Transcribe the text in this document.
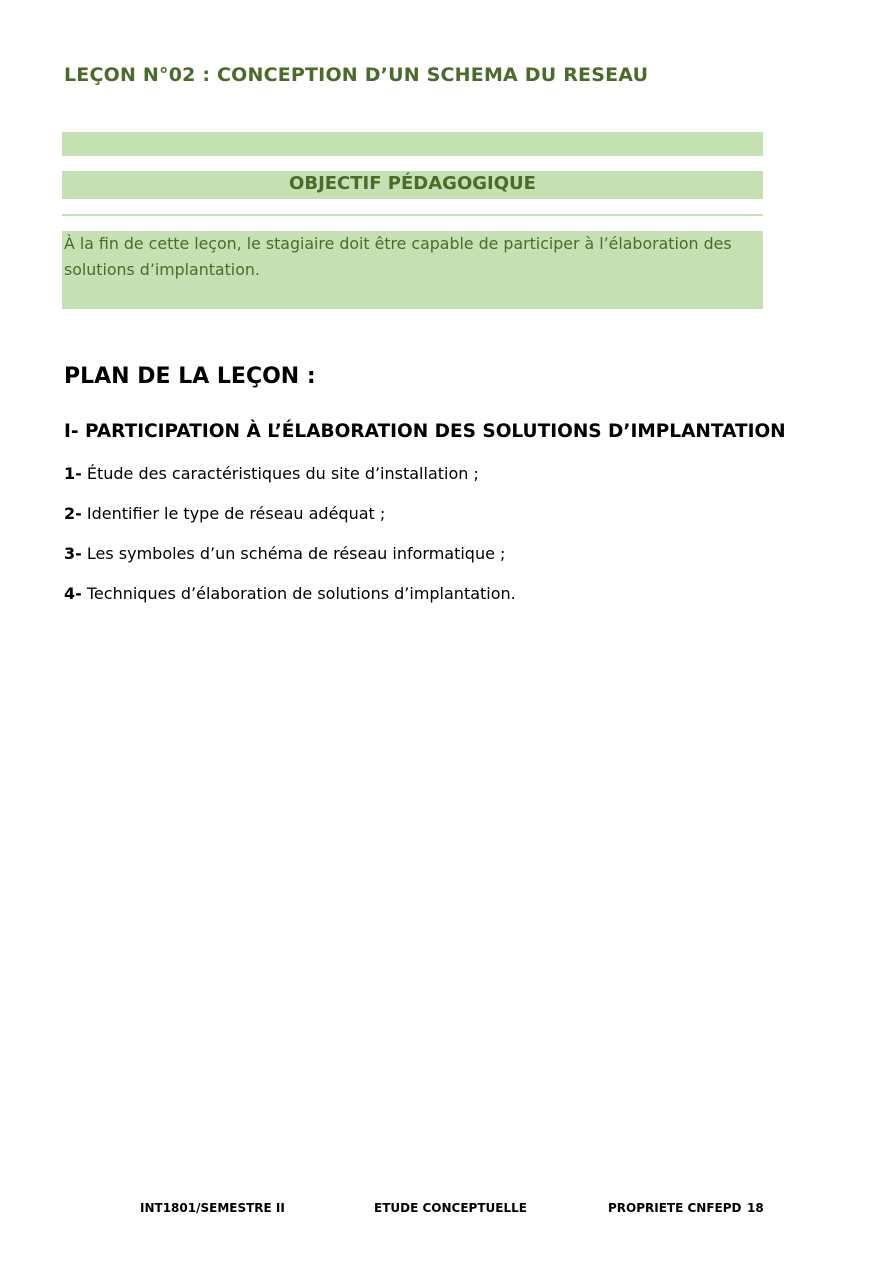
LEÇON N°02 : CONCEPTION D’UN SCHEMA DU RESEAU
OBJECTIF PÉDAGOGIQUE

À la fin de cette leçon, le stagiaire doit être capable de participer à l’élaboration des solutions d’implantation.

PLAN DE LA LEÇON :
I- PARTICIPATION À L’ÉLABORATION DES SOLUTIONS D’IMPLANTATION

1- Étude des caractéristiques du site d’installation ;

2- Identifier le type de réseau adéquat ;

3- Les symboles d’un schéma de réseau informatique ;

4- Techniques d’élaboration de solutions d’implantation.

INT1801/SEMESTRE II	ETUDE CONCEPTUELLE	PROPRIETE CNFEPD 18
